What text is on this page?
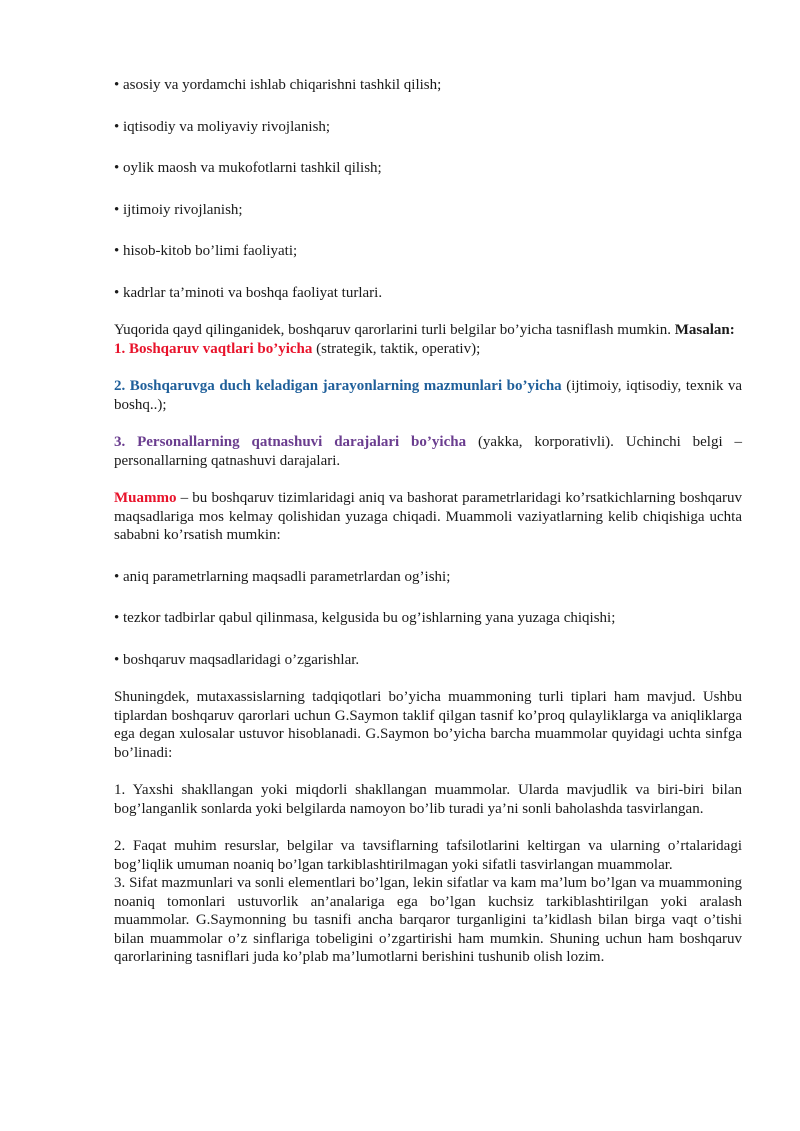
• asosiy va yordamchi ishlab chiqarishni tashkil qilish;

• iqtisodiy va moliyaviy rivojlanish;

• oylik maosh va mukofotlarni tashkil qilish;

• ijtimoiy rivojlanish;

• hisob-kitob bo’limi faoliyati;

• kadrlar ta’minoti va boshqa faoliyat turlari.

Yuqorida qayd qilinganidek, boshqaruv qarorlarini turli belgilar bo’yicha tasniflash mumkin. Masalan:

1. Boshqaruv vaqtlari bo’yicha (strategik, taktik, operativ);

2. Boshqaruvga duch keladigan jarayonlarning mazmunlari bo’yicha (ijtimoiy, iqtisodiy, texnik va boshq..);

3. Personallarning qatnashuvi darajalari bo’yicha (yakka, korporativli). Uchinchi belgi – personallarning qatnashuvi darajalari.

Muammo – bu boshqaruv tizimlaridagi aniq va bashorat parametrlaridagi ko’rsatkichlarning boshqaruv maqsadlariga mos kelmay qolishidan yuzaga chiqadi. Muammoli vaziyatlarning kelib chiqishiga uchta sababni ko’rsatish mumkin:

• aniq parametrlarning maqsadli parametrlardan og’ishi;

• tezkor tadbirlar qabul qilinmasa, kelgusida bu og’ishlarning yana yuzaga chiqishi;

• boshqaruv maqsadlaridagi o’zgarishlar.

Shuningdek, mutaxassislarning tadqiqotlari bo’yicha muammoning turli tiplari ham mavjud. Ushbu tiplardan boshqaruv qarorlari uchun G.Saymon taklif qilgan tasnif ko’proq qulayliklarga va aniqliklarga ega degan xulosalar ustuvor hisoblanadi. G.Saymon bo’yicha barcha muammolar quyidagi uchta sinfga bo’linadi:

1. Yaxshi shakllangan yoki miqdorli shakllangan muammolar. Ularda mavjudlik va biri-biri bilan bog’langanlik sonlarda yoki belgilarda namoyon bo’lib turadi ya’ni sonli baholashda tasvirlangan.

2. Faqat muhim resurslar, belgilar va tavsiflarning tafsilotlarini keltirgan va ularning o’rtalaridagi bog’liqlik umuman noaniq bo’lgan tarkiblashtirilmagan yoki sifatli tasvirlangan muammolar.

3. Sifat mazmunlari va sonli elementlari bo’lgan, lekin sifatlar va kam ma’lum bo’lgan va muammoning noaniq tomonlari ustuvorlik an’analariga ega bo’lgan kuchsiz tarkiblashtirilgan yoki aralash muammolar. G.Saymonning bu tasnifi ancha barqaror turganligini ta’kidlash bilan birga vaqt o’tishi bilan muammolar o’z sinflariga tobeligini o’zgartirishi ham mumkin. Shuning uchun ham boshqaruv qarorlarining tasniflari juda ko’plab ma’lumotlarni berishini tushunib olish lozim.
